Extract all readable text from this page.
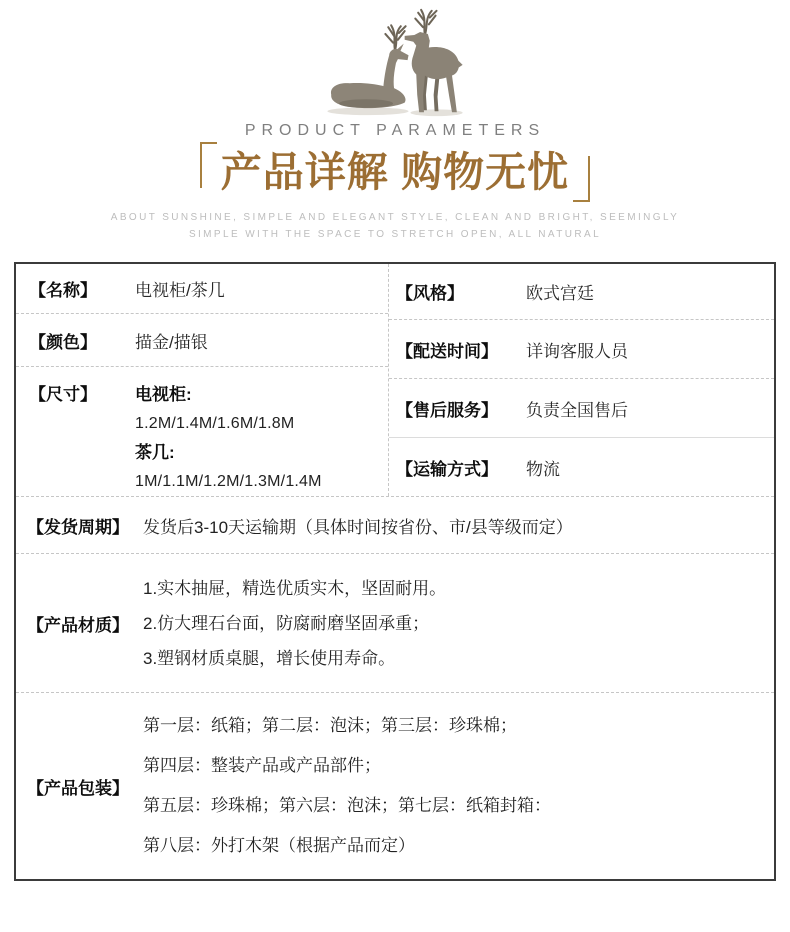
PRODUCT PARAMETERS
产品详解 购物无忧
ABOUT SUNSHINE, SIMPLE AND ELEGANT STYLE, CLEAN AND BRIGHT, SEEMINGLY
SIMPLE WITH THE SPACE TO STRETCH OPEN, ALL NATURAL
【名称】	电视柜/茶几
【颜色】	描金/描银
【尺寸】	电视柜:
1.2M/1.4M/1.6M/1.8M
茶几:
1M/1.1M/1.2M/1.3M/1.4M
【风格】	欧式宫廷
【配送时间】	详询客服人员
【售后服务】	负责全国售后
【运输方式】	物流
【发货周期】 发货后3-10天运输期（具体时间按省份、市/县等级而定）
【产品材质】
1.实木抽屉，精选优质实木，坚固耐用。
2.仿大理石台面，防腐耐磨坚固承重；
3.塑钢材质桌腿，增长使用寿命。
【产品包装】
第一层：纸箱；第二层：泡沫；第三层：珍珠棉；
第四层：整装产品或产品部件；
第五层：珍珠棉；第六层：泡沫；第七层：纸箱封箱：
第八层：外打木架（根据产品而定）
